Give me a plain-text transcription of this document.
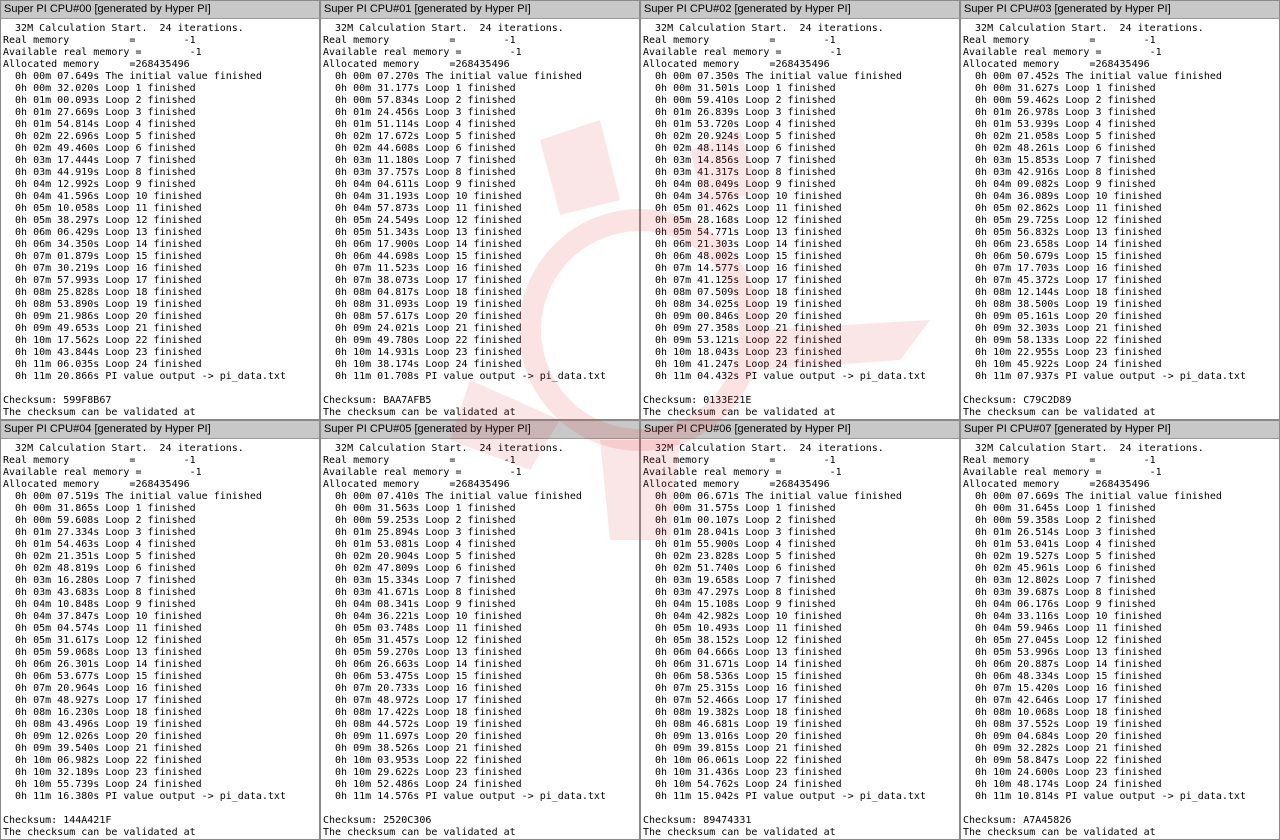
Super PI CPU#00 [generated by Hyper PI]
32M Calculation Start.  24 iterations.
Real memory          =        -1
Available real memory =        -1
Allocated memory     =268435496
0h 00m 07.649s The initial value finished
0h 00m 32.020s Loop 1 finished
0h 01m 00.093s Loop 2 finished
0h 01m 27.669s Loop 3 finished
0h 01m 54.814s Loop 4 finished
0h 02m 22.696s Loop 5 finished
0h 02m 49.460s Loop 6 finished
0h 03m 17.444s Loop 7 finished
0h 03m 44.919s Loop 8 finished
0h 04m 12.992s Loop 9 finished
0h 04m 41.596s Loop 10 finished
0h 05m 10.058s Loop 11 finished
0h 05m 38.297s Loop 12 finished
0h 06m 06.429s Loop 13 finished
0h 06m 34.350s Loop 14 finished
0h 07m 01.879s Loop 15 finished
0h 07m 30.219s Loop 16 finished
0h 07m 57.993s Loop 17 finished
0h 08m 25.828s Loop 18 finished
0h 08m 53.890s Loop 19 finished
0h 09m 21.986s Loop 20 finished
0h 09m 49.653s Loop 21 finished
0h 10m 17.562s Loop 22 finished
0h 10m 43.844s Loop 23 finished
0h 11m 06.035s Loop 24 finished
0h 11m 20.866s PI value output -> pi_data.txt
Checksum: 599F8B67
The checksum can be validated at
Super PI CPU#01 [generated by Hyper PI]
32M Calculation Start.  24 iterations.
Real memory          =        -1
Available real memory =        -1
Allocated memory     =268435496
0h 00m 07.270s The initial value finished
0h 00m 31.177s Loop 1 finished
0h 00m 57.834s Loop 2 finished
0h 01m 24.456s Loop 3 finished
0h 01m 51.114s Loop 4 finished
0h 02m 17.672s Loop 5 finished
0h 02m 44.608s Loop 6 finished
0h 03m 11.180s Loop 7 finished
0h 03m 37.757s Loop 8 finished
0h 04m 04.611s Loop 9 finished
0h 04m 31.193s Loop 10 finished
0h 04m 57.873s Loop 11 finished
0h 05m 24.549s Loop 12 finished
0h 05m 51.343s Loop 13 finished
0h 06m 17.900s Loop 14 finished
0h 06m 44.698s Loop 15 finished
0h 07m 11.523s Loop 16 finished
0h 07m 38.073s Loop 17 finished
0h 08m 04.817s Loop 18 finished
0h 08m 31.093s Loop 19 finished
0h 08m 57.617s Loop 20 finished
0h 09m 24.021s Loop 21 finished
0h 09m 49.780s Loop 22 finished
0h 10m 14.931s Loop 23 finished
0h 10m 38.174s Loop 24 finished
0h 11m 01.708s PI value output -> pi_data.txt
Checksum: BAA7AFB5
The checksum can be validated at
Super PI CPU#02 [generated by Hyper PI]
32M Calculation Start.  24 iterations.
Real memory          =        -1
Available real memory =        -1
Allocated memory     =268435496
0h 00m 07.350s The initial value finished
0h 00m 31.501s Loop 1 finished
0h 00m 59.410s Loop 2 finished
0h 01m 26.839s Loop 3 finished
0h 01m 53.720s Loop 4 finished
0h 02m 20.924s Loop 5 finished
0h 02m 48.114s Loop 6 finished
0h 03m 14.856s Loop 7 finished
0h 03m 41.317s Loop 8 finished
0h 04m 08.049s Loop 9 finished
0h 04m 34.576s Loop 10 finished
0h 05m 01.462s Loop 11 finished
0h 05m 28.168s Loop 12 finished
0h 05m 54.771s Loop 13 finished
0h 06m 21.303s Loop 14 finished
0h 06m 48.002s Loop 15 finished
0h 07m 14.577s Loop 16 finished
0h 07m 41.125s Loop 17 finished
0h 08m 07.509s Loop 18 finished
0h 08m 34.025s Loop 19 finished
0h 09m 00.846s Loop 20 finished
0h 09m 27.358s Loop 21 finished
0h 09m 53.121s Loop 22 finished
0h 10m 18.043s Loop 23 finished
0h 10m 41.247s Loop 24 finished
0h 11m 04.432s PI value output -> pi_data.txt
Checksum: 0133E21E
The checksum can be validated at
Super PI CPU#03 [generated by Hyper PI]
32M Calculation Start.  24 iterations.
Real memory          =        -1
Available real memory =        -1
Allocated memory     =268435496
0h 00m 07.452s The initial value finished
0h 00m 31.627s Loop 1 finished
0h 00m 59.462s Loop 2 finished
0h 01m 26.978s Loop 3 finished
0h 01m 53.939s Loop 4 finished
0h 02m 21.058s Loop 5 finished
0h 02m 48.261s Loop 6 finished
0h 03m 15.853s Loop 7 finished
0h 03m 42.916s Loop 8 finished
0h 04m 09.082s Loop 9 finished
0h 04m 36.089s Loop 10 finished
0h 05m 02.862s Loop 11 finished
0h 05m 29.725s Loop 12 finished
0h 05m 56.832s Loop 13 finished
0h 06m 23.658s Loop 14 finished
0h 06m 50.679s Loop 15 finished
0h 07m 17.703s Loop 16 finished
0h 07m 45.372s Loop 17 finished
0h 08m 12.144s Loop 18 finished
0h 08m 38.500s Loop 19 finished
0h 09m 05.161s Loop 20 finished
0h 09m 32.303s Loop 21 finished
0h 09m 58.133s Loop 22 finished
0h 10m 22.955s Loop 23 finished
0h 10m 45.922s Loop 24 finished
0h 11m 07.937s PI value output -> pi_data.txt
Checksum: C79C2D89
The checksum can be validated at
Super PI CPU#04 [generated by Hyper PI]
32M Calculation Start.  24 iterations.
Real memory          =        -1
Available real memory =        -1
Allocated memory     =268435496
0h 00m 07.519s The initial value finished
0h 00m 31.865s Loop 1 finished
0h 00m 59.608s Loop 2 finished
0h 01m 27.334s Loop 3 finished
0h 01m 54.463s Loop 4 finished
0h 02m 21.351s Loop 5 finished
0h 02m 48.819s Loop 6 finished
0h 03m 16.280s Loop 7 finished
0h 03m 43.683s Loop 8 finished
0h 04m 10.848s Loop 9 finished
0h 04m 37.847s Loop 10 finished
0h 05m 04.574s Loop 11 finished
0h 05m 31.617s Loop 12 finished
0h 05m 59.068s Loop 13 finished
0h 06m 26.301s Loop 14 finished
0h 06m 53.677s Loop 15 finished
0h 07m 20.964s Loop 16 finished
0h 07m 48.927s Loop 17 finished
0h 08m 16.230s Loop 18 finished
0h 08m 43.496s Loop 19 finished
0h 09m 12.026s Loop 20 finished
0h 09m 39.540s Loop 21 finished
0h 10m 06.982s Loop 22 finished
0h 10m 32.189s Loop 23 finished
0h 10m 55.739s Loop 24 finished
0h 11m 16.380s PI value output -> pi_data.txt
Checksum: 144A421F
The checksum can be validated at
Super PI CPU#05 [generated by Hyper PI]
32M Calculation Start.  24 iterations.
Real memory          =        -1
Available real memory =        -1
Allocated memory     =268435496
0h 00m 07.410s The initial value finished
0h 00m 31.563s Loop 1 finished
0h 00m 59.253s Loop 2 finished
0h 01m 25.894s Loop 3 finished
0h 01m 53.081s Loop 4 finished
0h 02m 20.904s Loop 5 finished
0h 02m 47.809s Loop 6 finished
0h 03m 15.334s Loop 7 finished
0h 03m 41.671s Loop 8 finished
0h 04m 08.341s Loop 9 finished
0h 04m 36.221s Loop 10 finished
0h 05m 03.748s Loop 11 finished
0h 05m 31.457s Loop 12 finished
0h 05m 59.270s Loop 13 finished
0h 06m 26.663s Loop 14 finished
0h 06m 53.475s Loop 15 finished
0h 07m 20.733s Loop 16 finished
0h 07m 48.972s Loop 17 finished
0h 08m 17.422s Loop 18 finished
0h 08m 44.572s Loop 19 finished
0h 09m 11.697s Loop 20 finished
0h 09m 38.526s Loop 21 finished
0h 10m 03.953s Loop 22 finished
0h 10m 29.622s Loop 23 finished
0h 10m 52.486s Loop 24 finished
0h 11m 14.576s PI value output -> pi_data.txt
Checksum: 2520C306
The checksum can be validated at
Super PI CPU#06 [generated by Hyper PI]
32M Calculation Start.  24 iterations.
Real memory          =        -1
Available real memory =        -1
Allocated memory     =268435496
0h 00m 06.671s The initial value finished
0h 00m 31.575s Loop 1 finished
0h 01m 00.107s Loop 2 finished
0h 01m 28.041s Loop 3 finished
0h 01m 55.900s Loop 4 finished
0h 02m 23.828s Loop 5 finished
0h 02m 51.740s Loop 6 finished
0h 03m 19.658s Loop 7 finished
0h 03m 47.297s Loop 8 finished
0h 04m 15.108s Loop 9 finished
0h 04m 42.982s Loop 10 finished
0h 05m 10.493s Loop 11 finished
0h 05m 38.152s Loop 12 finished
0h 06m 04.666s Loop 13 finished
0h 06m 31.671s Loop 14 finished
0h 06m 58.536s Loop 15 finished
0h 07m 25.315s Loop 16 finished
0h 07m 52.466s Loop 17 finished
0h 08m 19.382s Loop 18 finished
0h 08m 46.681s Loop 19 finished
0h 09m 13.016s Loop 20 finished
0h 09m 39.815s Loop 21 finished
0h 10m 06.061s Loop 22 finished
0h 10m 31.436s Loop 23 finished
0h 10m 54.762s Loop 24 finished
0h 11m 15.042s PI value output -> pi_data.txt
Checksum: 89474331
The checksum can be validated at
Super PI CPU#07 [generated by Hyper PI]
32M Calculation Start.  24 iterations.
Real memory          =        -1
Available real memory =        -1
Allocated memory     =268435496
0h 00m 07.669s The initial value finished
0h 00m 31.645s Loop 1 finished
0h 00m 59.358s Loop 2 finished
0h 01m 26.514s Loop 3 finished
0h 01m 53.041s Loop 4 finished
0h 02m 19.527s Loop 5 finished
0h 02m 45.961s Loop 6 finished
0h 03m 12.802s Loop 7 finished
0h 03m 39.687s Loop 8 finished
0h 04m 06.176s Loop 9 finished
0h 04m 33.116s Loop 10 finished
0h 04m 59.946s Loop 11 finished
0h 05m 27.045s Loop 12 finished
0h 05m 53.996s Loop 13 finished
0h 06m 20.887s Loop 14 finished
0h 06m 48.334s Loop 15 finished
0h 07m 15.420s Loop 16 finished
0h 07m 42.646s Loop 17 finished
0h 08m 10.068s Loop 18 finished
0h 08m 37.552s Loop 19 finished
0h 09m 04.684s Loop 20 finished
0h 09m 32.282s Loop 21 finished
0h 09m 58.847s Loop 22 finished
0h 10m 24.600s Loop 23 finished
0h 10m 48.174s Loop 24 finished
0h 11m 10.814s PI value output -> pi_data.txt
Checksum: A7A45826
The checksum can be validated at
